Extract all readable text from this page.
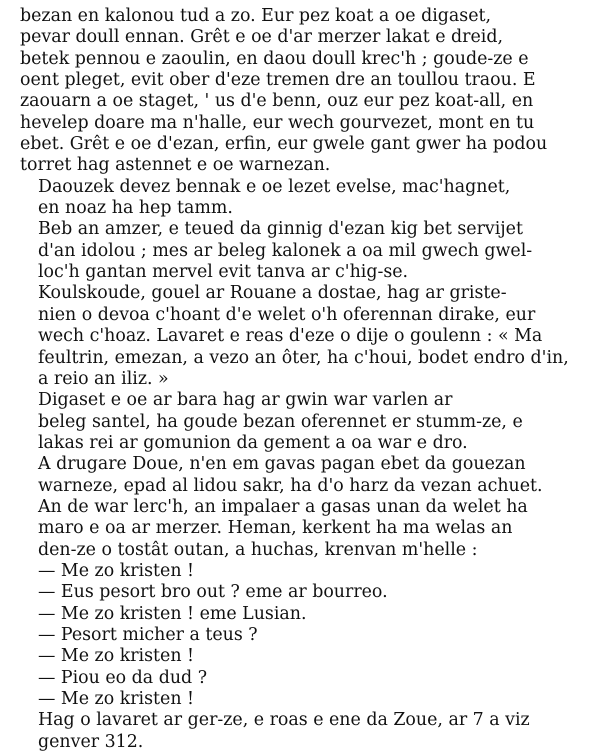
bezan en kalonou tud a zo. Eur pez koat a oe digaset,
pevar doull ennan. Grêt e oe d'ar merzer lakat e dreid,
betek pennou e zaoulin, en daou doull krec'h ; goude-ze e
oent pleget, evit ober d'eze tremen dre an toullou traou. E
zaouarn a oe staget, ' us d'e benn, ouz eur pez koat-all, en
hevelep doare ma n'halle, eur wech gourvezet, mont en tu
ebet. Grêt e oe d'ezan, erfin, eur gwele gant gwer ha podou
torret hag astennet e oe warnezan.

Daouzek devez bennak e oe lezet evelse, mac'hagnet,
en noaz ha hep tamm.

Beb an amzer, e teued da ginnig d'ezan kig bet servijet
d'an idolou ; mes ar beleg kalonek a oa mil gwech gwel-
loc'h gantan mervel evit tanva ar c'hig-se.

Koulskoude, gouel ar Rouane a dostae, hag ar griste-
nien o devoa c'hoant d'e welet o'h oferennan dirake, eur
wech c'hoaz. Lavaret e reas d'eze o dije o goulenn : « Ma
feultrin, emezan, a vezo an ôter, ha c'houi, bodet endro d'in,
a reio an iliz. »

Digaset e oe ar bara hag ar gwin war varlen ar
beleg santel, ha goude bezan oferennet er stumm-ze, e
lakas rei ar gomunion da gement a oa war e dro.

A drugare Doue, n'en em gavas pagan ebet da gouezan
warneze, epad al lidou sakr, ha d'o harz da vezan achuet.
An de war lerc'h, an impalaer a gasas unan da welet ha
maro e oa ar merzer. Heman, kerkent ha ma welas an
den-ze o tostât outan, a huchas, krenvan m'helle :

— Me zo kristen !
— Eus pesort bro out ? eme ar bourreo.
— Me zo kristen ! eme Lusian.
— Pesort micher a teus ?
— Me zo kristen !
— Piou eo da dud ?
— Me zo kristen !

Hag o lavaret ar ger-ze, e roas e ene da Zoue, ar 7 a viz
genver 312.
